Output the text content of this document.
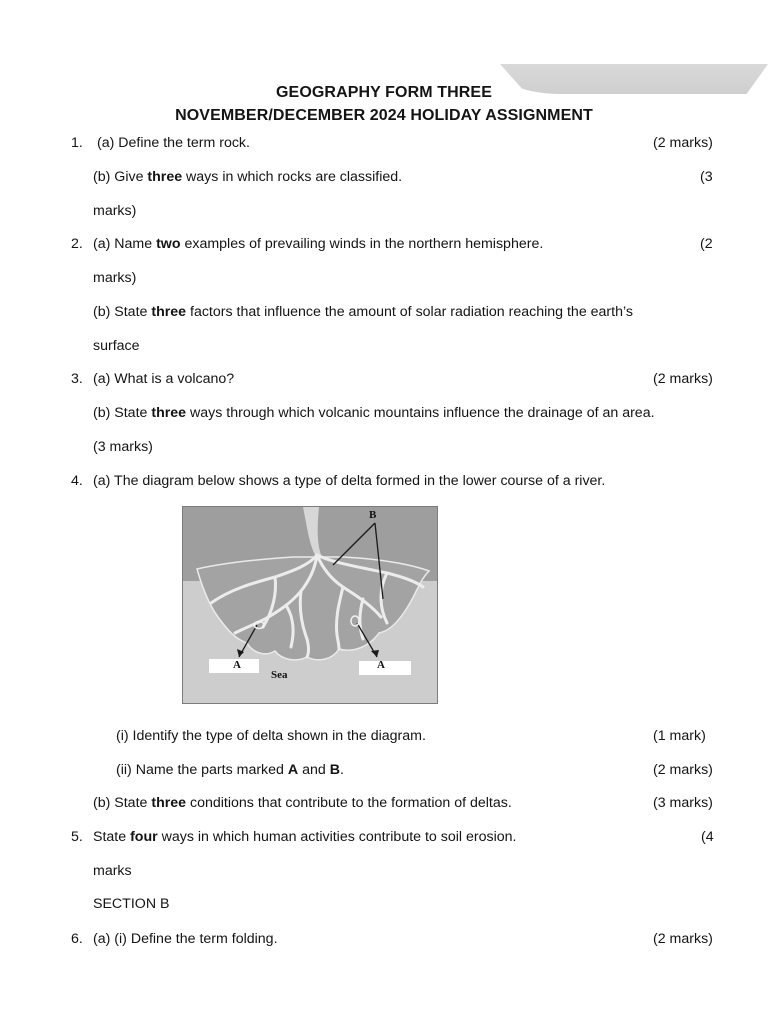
GEOGRAPHY FORM THREE
NOVEMBER/DECEMBER 2024 HOLIDAY ASSIGNMENT
1. (a) Define the term rock.	(2 marks)
(b) Give three ways in which rocks are classified.	(3
marks)
2. (a) Name two examples of prevailing winds in the northern hemisphere.	(2
marks)
(b) State three factors that influence the amount of solar radiation reaching the earth’s
surface
3. (a) What is a volcano?	(2 marks)
(b) State three ways through which volcanic mountains influence the drainage of an area.
(3 marks)
4. (a) The diagram below shows a type of delta formed in the lower course of a river.
B
A	A
Sea
(i) Identify the type of delta shown in the diagram.	(1 mark)
(ii) Name the parts marked A and B.	(2 marks)
(b) State three conditions that contribute to the formation of deltas.	(3 marks)
5. State four ways in which human activities contribute to soil erosion.	(4
marks
SECTION B
6. (a) (i) Define the term folding.	(2 marks)
